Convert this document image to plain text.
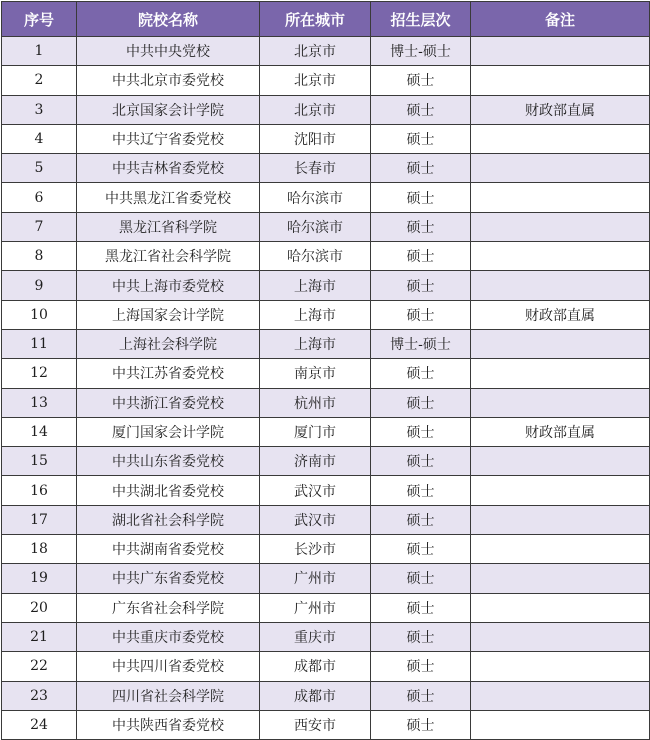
序号	院校名称	所在城市	招生层次	备注
1	中共中央党校	北京市	博士-硕士	
2	中共北京市委党校	北京市	硕士	
3	北京国家会计学院	北京市	硕士	财政部直属
4	中共辽宁省委党校	沈阳市	硕士	
5	中共吉林省委党校	长春市	硕士	
6	中共黑龙江省委党校	哈尔滨市	硕士	
7	黑龙江省科学院	哈尔滨市	硕士	
8	黑龙江省社会科学院	哈尔滨市	硕士	
9	中共上海市委党校	上海市	硕士	
10	上海国家会计学院	上海市	硕士	财政部直属
11	上海社会科学院	上海市	博士-硕士	
12	中共江苏省委党校	南京市	硕士	
13	中共浙江省委党校	杭州市	硕士	
14	厦门国家会计学院	厦门市	硕士	财政部直属
15	中共山东省委党校	济南市	硕士	
16	中共湖北省委党校	武汉市	硕士	
17	湖北省社会科学院	武汉市	硕士	
18	中共湖南省委党校	长沙市	硕士	
19	中共广东省委党校	广州市	硕士	
20	广东省社会科学院	广州市	硕士	
21	中共重庆市委党校	重庆市	硕士	
22	中共四川省委党校	成都市	硕士	
23	四川省社会科学院	成都市	硕士	
24	中共陕西省委党校	西安市	硕士	
